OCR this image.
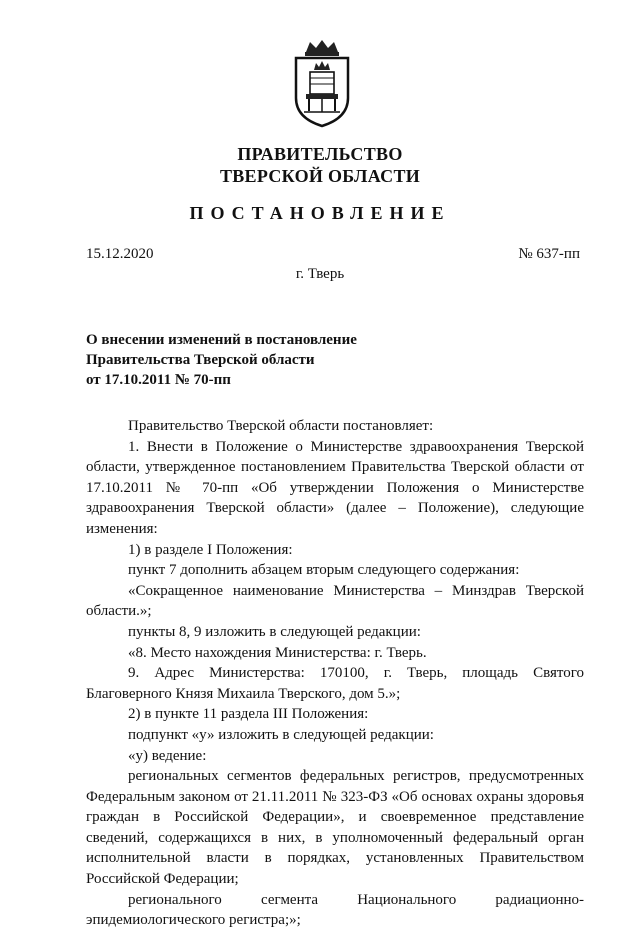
ПРАВИТЕЛЬСТВО
ТВЕРСКОЙ ОБЛАСТИ
ПОСТАНОВЛЕНИЕ
15.12.2020	№ 637-пп
г. Тверь
О внесении изменений в постановление
Правительства Тверской области
от 17.10.2011 № 70-пп

Правительство Тверской области постановляет:

1. Внести в Положение о Министерстве здравоохранения Тверской области, утвержденное постановлением Правительства Тверской области от 17.10.2011 № 70-пп «Об утверждении Положения о Министерстве здравоохранения Тверской области» (далее – Положение), следующие изменения:

1) в разделе I Положения:

пункт 7 дополнить абзацем вторым следующего содержания:

«Сокращенное наименование Министерства – Минздрав Тверской области.»;

пункты 8, 9 изложить в следующей редакции:

«8. Место нахождения Министерства: г. Тверь.

9. Адрес Министерства: 170100, г. Тверь, площадь Святого Благоверного Князя Михаила Тверского, дом 5.»;

2) в пункте 11 раздела III Положения:

подпункт «у» изложить в следующей редакции:

«у) ведение:

региональных сегментов федеральных регистров, предусмотренных Федеральным законом от 21.11.2011 № 323-ФЗ «Об основах охраны здоровья граждан в Российской Федерации», и своевременное представление сведений, содержащихся в них, в уполномоченный федеральный орган исполнительной власти в порядках, установленных Правительством Российской Федерации;

регионального сегмента Национального радиационно-эпидемиологического регистра;»;
